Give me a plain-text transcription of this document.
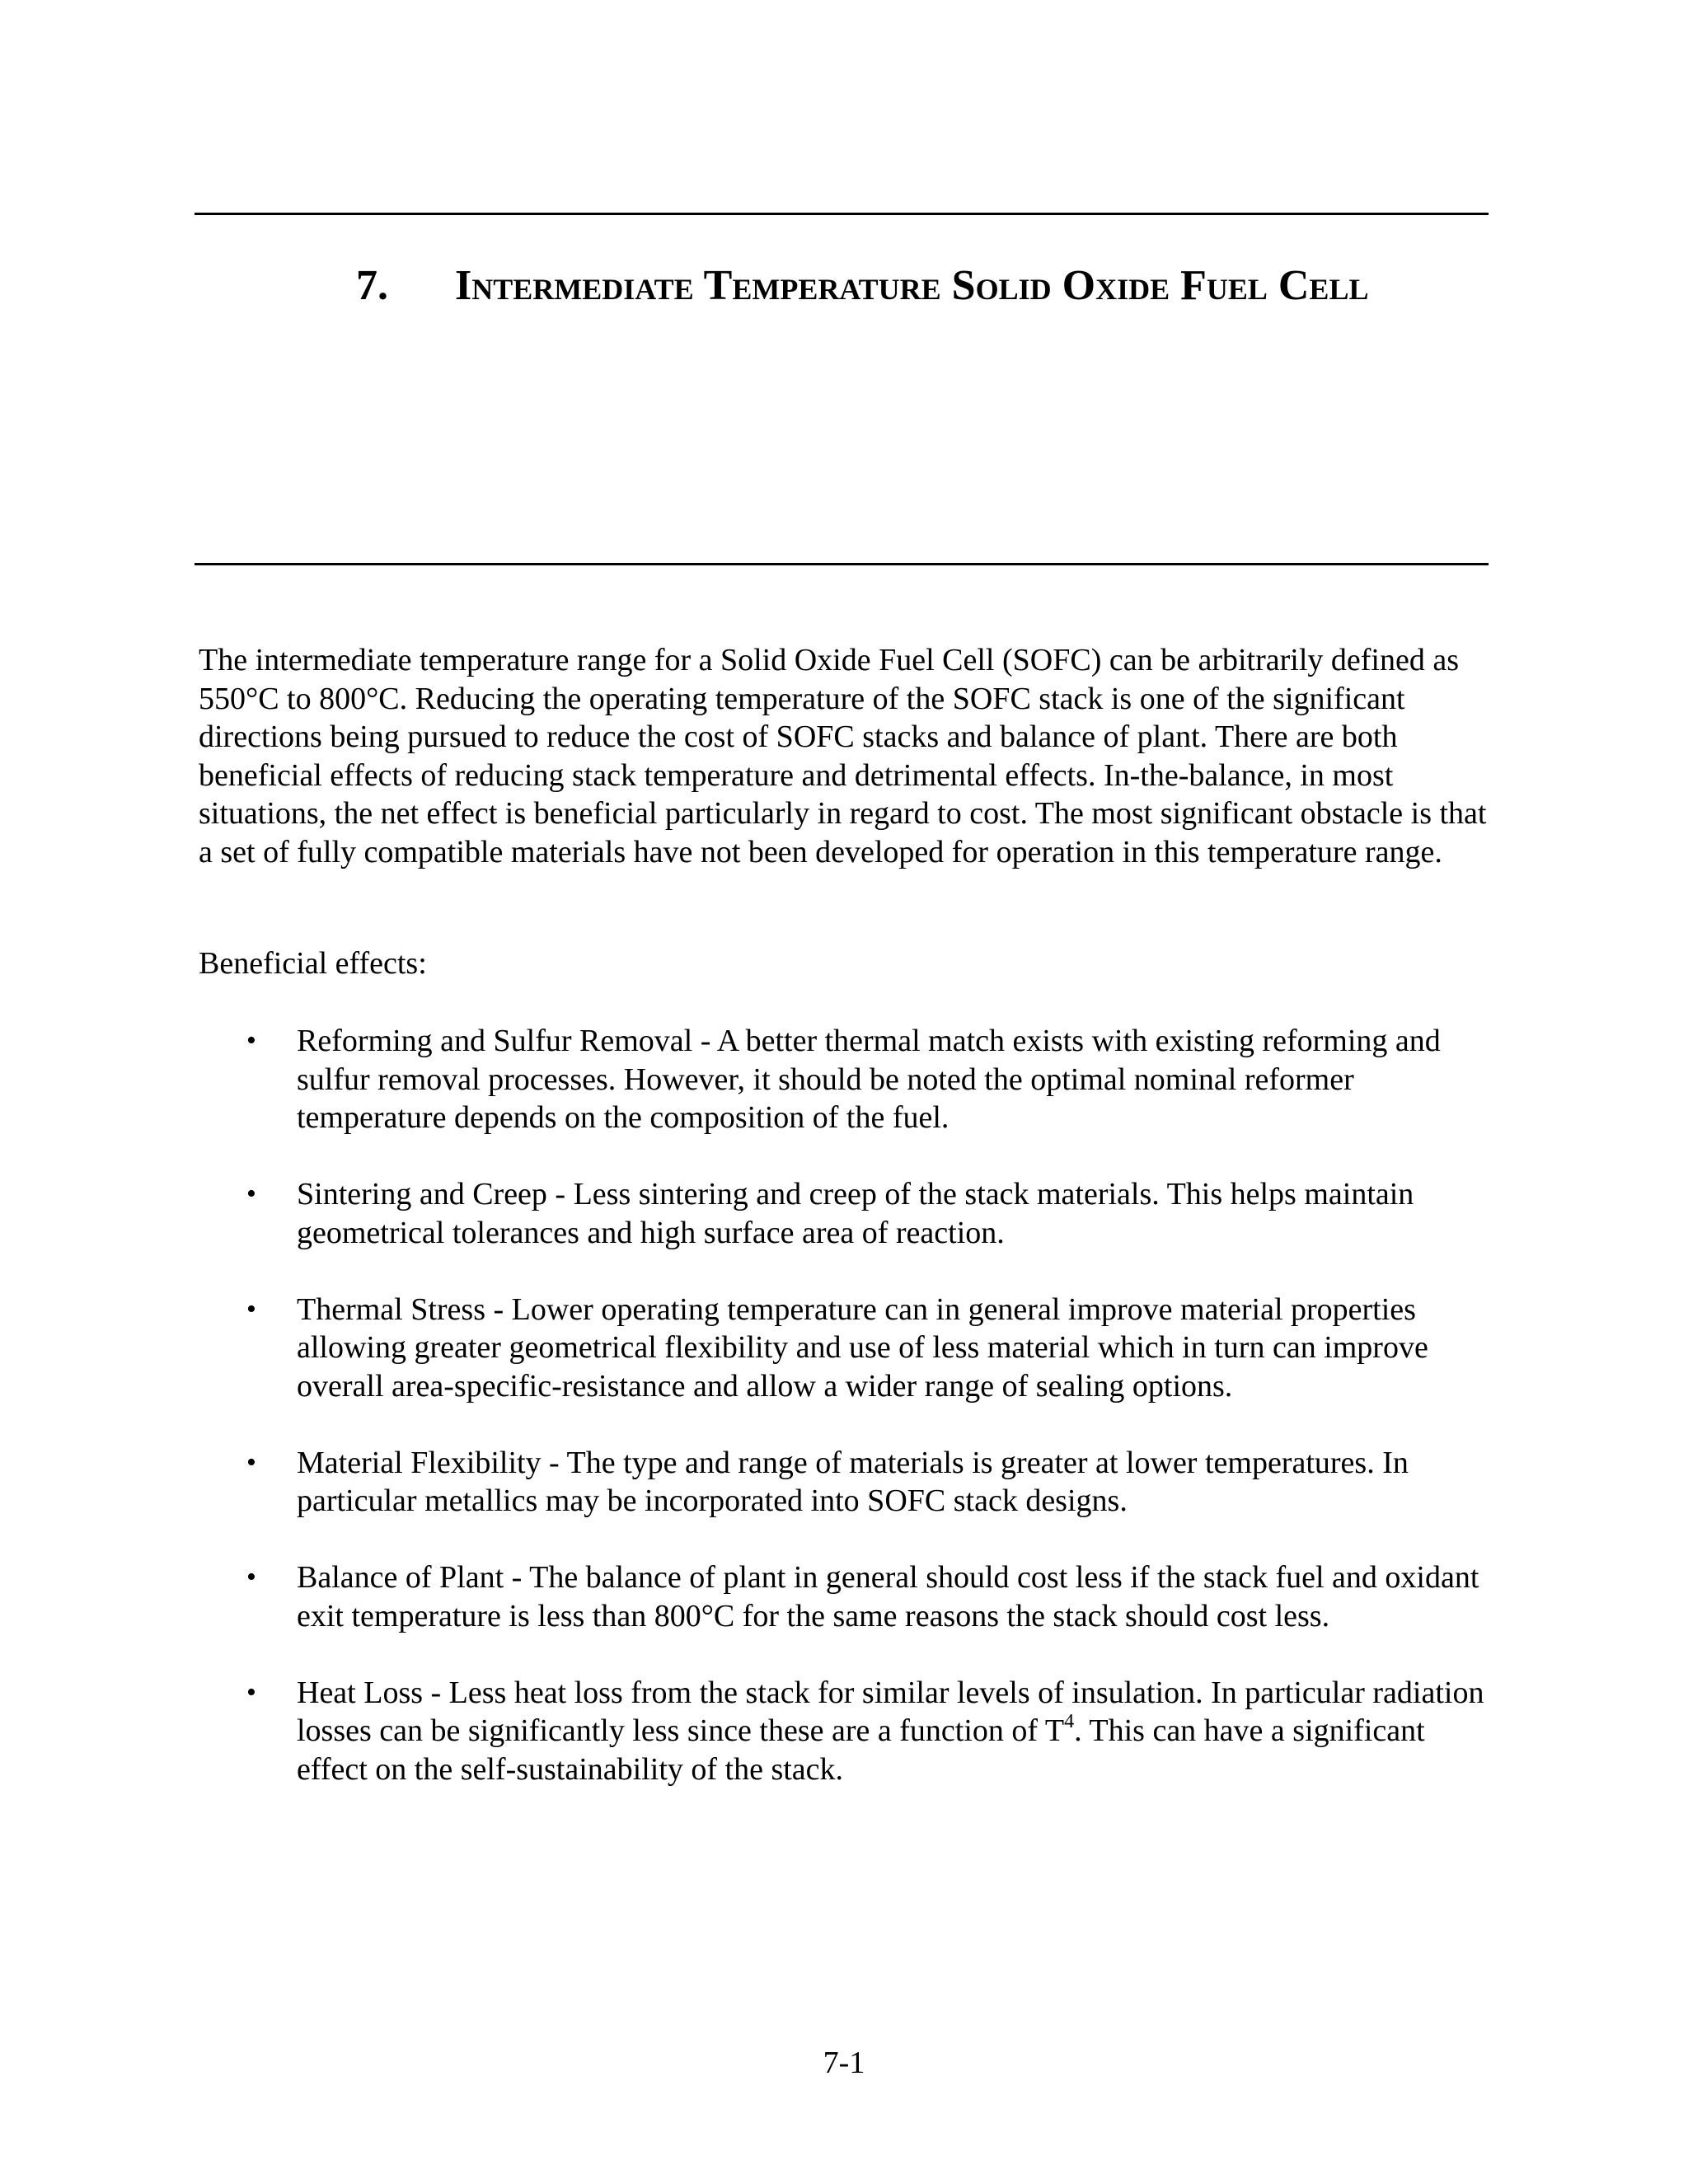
7. Intermediate Temperature Solid Oxide Fuel Cell

The intermediate temperature range for a Solid Oxide Fuel Cell (SOFC) can be arbitrarily defined as 550°C to 800°C. Reducing the operating temperature of the SOFC stack is one of the significant directions being pursued to reduce the cost of SOFC stacks and balance of plant. There are both beneficial effects of reducing stack temperature and detrimental effects. In-the-balance, in most situations, the net effect is beneficial particularly in regard to cost. The most significant obstacle is that a set of fully compatible materials have not been developed for operation in this temperature range.

Beneficial effects:

• Reforming and Sulfur Removal - A better thermal match exists with existing reforming and sulfur removal processes. However, it should be noted the optimal nominal reformer temperature depends on the composition of the fuel.
• Sintering and Creep - Less sintering and creep of the stack materials. This helps maintain geometrical tolerances and high surface area of reaction.
• Thermal Stress - Lower operating temperature can in general improve material properties allowing greater geometrical flexibility and use of less material which in turn can improve overall area-specific-resistance and allow a wider range of sealing options.
• Material Flexibility - The type and range of materials is greater at lower temperatures. In particular metallics may be incorporated into SOFC stack designs.
• Balance of Plant - The balance of plant in general should cost less if the stack fuel and oxidant exit temperature is less than 800°C for the same reasons the stack should cost less.
• Heat Loss - Less heat loss from the stack for similar levels of insulation. In particular radiation losses can be significantly less since these are a function of $T^4$. This can have a significant effect on the self-sustainability of the stack.
7-1
